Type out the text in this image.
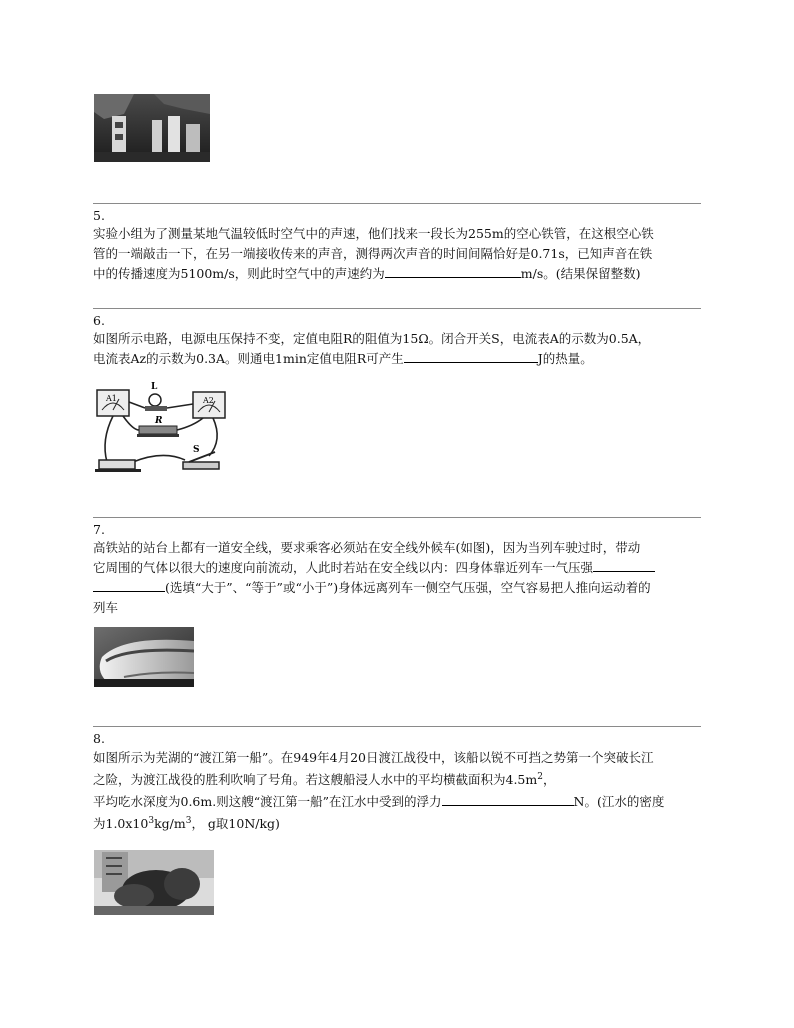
5.
实验小组为了测量某地气温较低时空气中的声速，他们找来一段长为255m的空心铁管，在这根空心铁
管的一端敲击一下，在另一端接收传来的声音，测得两次声音的时间间隔恰好是0.71s，已知声音在铁
中的传播速度为5100m/s，则此时空气中的声速约为	m/s。(结果保留整数)
6.
如图所示电路，电源电压保持不变，定值电阻R的阻值为15Ω。闭合开关S，电流表A的示数为0.5A，
电流表Az的示数为0.3A。则通电1min定值电阻R可产生	J的热量。
A1	A2
L
R
S
7.
高铁站的站台上都有一道安全线，要求乘客必须站在安全线外候车(如图)，因为当列车驶过时，带动
它周围的气体以很大的速度向前流动，人此时若站在安全线以内：四身体靠近列车一气压强
(选填“大于”、“等于”或“小于”)身体远离列车一侧空气压强，空气容易把人推向运动着的
列车
8.
如图所示为芜湖的“渡江第一船”。在949年4月20日渡江战役中，该船以锐不可挡之势第一个突破长江
之险，为渡江战役的胜利吹响了号角。若这艘船浸人水中的平均横截面积为$4.5m^2$，
平均吃水深度为0.6m.则这艘“渡江第一船”在江水中受到的浮力	N。(江水的密度
为$1.0x10^3kg/m^3$， g取10N/kg)
